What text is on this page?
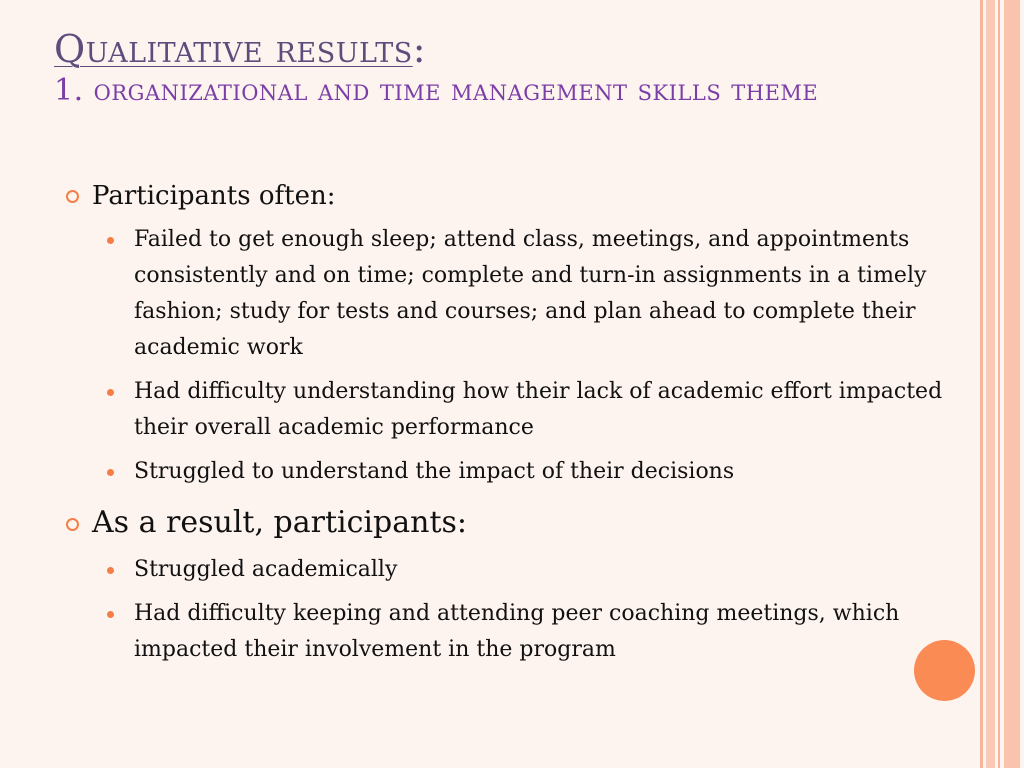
Qualitative results:
1. organizational and time management skills theme
Participants often:
Failed to get enough sleep; attend class, meetings, and appointments consistently and on time; complete and turn-in assignments in a timely fashion; study for tests and courses; and plan ahead to complete their academic work
Had difficulty understanding how their lack of academic effort impacted their overall academic performance
Struggled to understand the impact of their decisions
As a result, participants:
Struggled academically
Had difficulty keeping and attending peer coaching meetings, which impacted their involvement in the program
